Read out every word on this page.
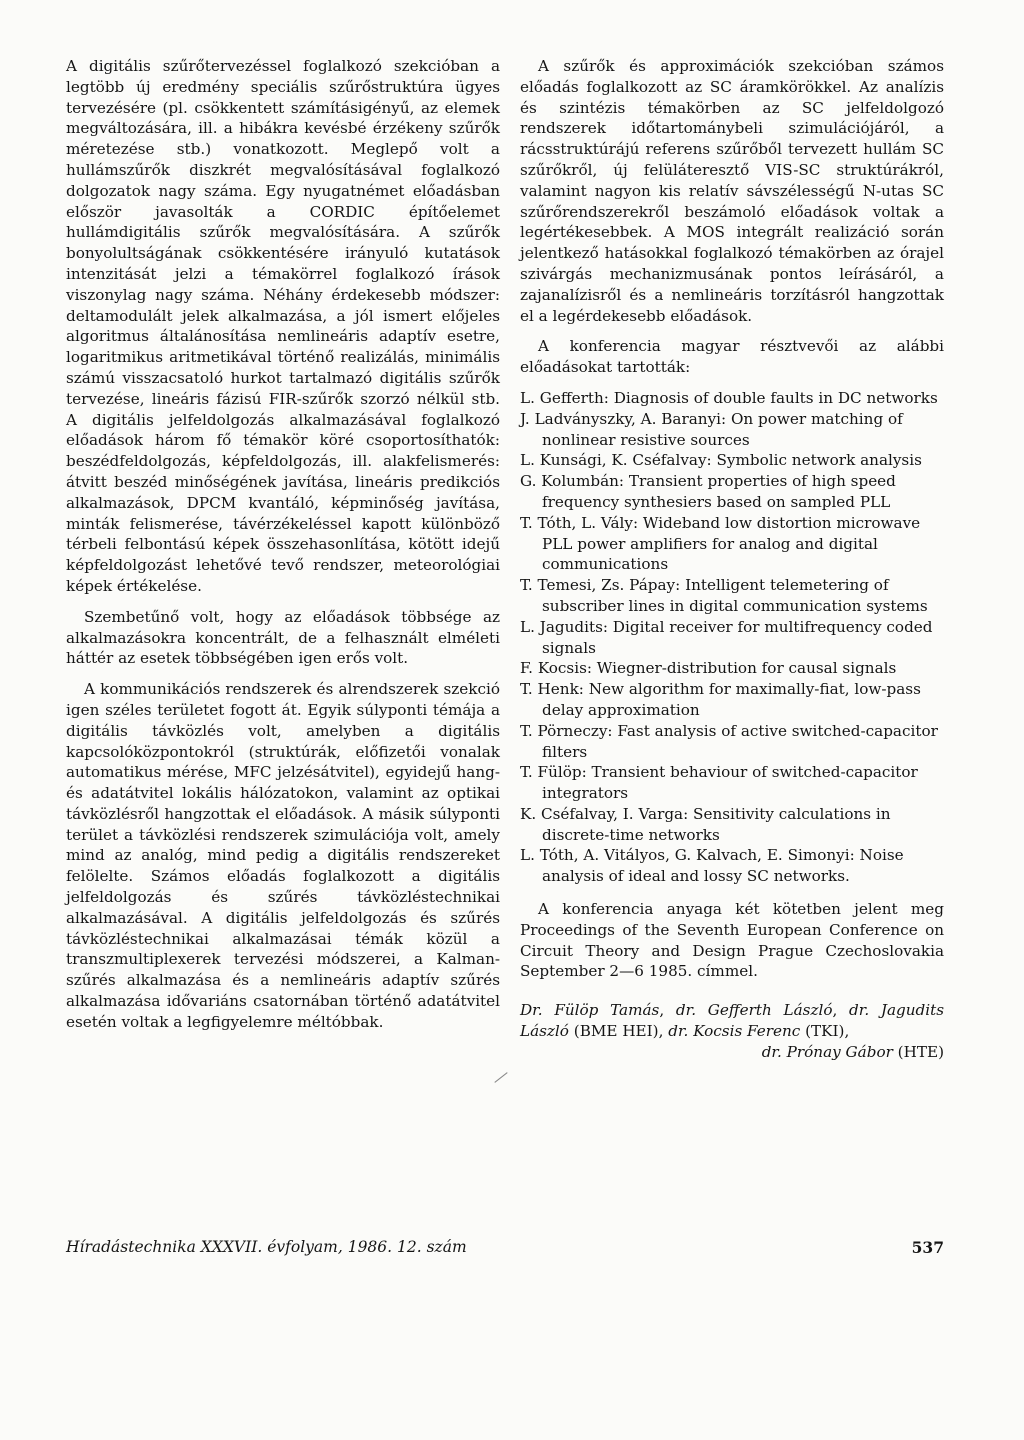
A digitális szűrőtervezéssel foglalkozó szekcióban a legtöbb új eredmény speciális szűrőstruktúra ügyes tervezésére (pl. csökkentett számításigényű, az elemek megváltozására, ill. a hibákra kevésbé érzékeny szűrők méretezése stb.) vonatkozott. Meglepő volt a hullámszűrők diszkrét megvalósításával foglalkozó dolgozatok nagy száma. Egy nyugatnémet előadásban először javasolták a CORDIC építőelemet hullámdigitális szűrők megvalósítására. A szűrők bonyolultságának csökkentésére irányuló kutatások intenzitását jelzi a témakörrel foglalkozó írások viszonylag nagy száma. Néhány érdekesebb módszer: deltamodulált jelek alkalmazása, a jól ismert előjeles algoritmus általánosítása nemlineáris adaptív esetre, logaritmikus aritmetikával történő realizálás, minimális számú visszacsatoló hurkot tartalmazó digitális szűrők tervezése, lineáris fázisú FIR-szűrők szorzó nélkül stb. A digitális jelfeldolgozás alkalmazásával foglalkozó előadások három fő témakör köré csoportosíthatók: beszédfeldolgozás, képfeldolgozás, ill. alakfelismerés: átvitt beszéd minőségének javítása, lineáris predikciós alkalmazások, DPCM kvantáló, képminőség javítása, minták felismerése, távérzékeléssel kapott különböző térbeli felbontású képek összehasonlítása, kötött idejű képfeldolgozást lehetővé tevő rendszer, meteorológiai képek értékelése.

Szembetűnő volt, hogy az előadások többsége az alkalmazásokra koncentrált, de a felhasznált elméleti háttér az esetek többségében igen erős volt.

A kommunikációs rendszerek és alrendszerek szekció igen széles területet fogott át. Egyik súlyponti témája a digitális távközlés volt, amelyben a digitális kapcsolóközpontokról (struktúrák, előfizetői vonalak automatikus mérése, MFC jelzésátvitel), egyidejű hang-és adatátvitel lokális hálózatokon, valamint az optikai távközlésről hangzottak el előadások. A másik súlyponti terület a távközlési rendszerek szimulációja volt, amely mind az analóg, mind pedig a digitális rendszereket felölelte. Számos előadás foglalkozott a digitális jelfeldolgozás és szűrés távközléstechnikai alkalmazásával. A digitális jelfeldolgozás és szűrés távközléstechnikai alkalmazásai témák közül a transzmultiplexerek tervezési módszerei, a Kalman-szűrés alkalmazása és a nemlineáris adaptív szűrés alkalmazása idővariáns csatornában történő adatátvitel esetén voltak a legfigyelemre méltóbbak.

A szűrők és approximációk szekcióban számos előadás foglalkozott az SC áramkörökkel. Az analízis és szintézis témakörben az SC jelfeldolgozó rendszerek időtartománybeli szimulációjáról, a rácsstruktúrájú referens szűrőből tervezett hullám SC szűrőkről, új felüláteresztő VIS-SC struktúrákról, valamint nagyon kis relatív sávszélességű N-utas SC szűrőrendszerekről beszámoló előadások voltak a legértékesebbek. A MOS integrált realizáció során jelentkező hatásokkal foglalkozó témakörben az órajel szivárgás mechanizmusának pontos leírásáról, a zajanalízisről és a nemlineáris torzításról hangzottak el a legérdekesebb előadások.

A konferencia magyar résztvevői az alábbi előadásokat tartották:

L. Gefferth: Diagnosis of double faults in DC networks
J. Ladványszky, A. Baranyi: On power matching of nonlinear resistive sources
L. Kunsági, K. Cséfalvay: Symbolic network analysis
G. Kolumbán: Transient properties of high speed frequency synthesiers based on sampled PLL
T. Tóth, L. Vály: Wideband low distortion microwave PLL power amplifiers for analog and digital communications
T. Temesi, Zs. Pápay: Intelligent telemetering of subscriber lines in digital communication systems
L. Jagudits: Digital receiver for multifrequency coded signals
F. Kocsis: Wiegner-distribution for causal signals
T. Henk: New algorithm for maximally-fiat, low-pass delay approximation
T. Pörneczy: Fast analysis of active switched-capacitor filters
T. Fülöp: Transient behaviour of switched-capacitor integrators
K. Cséfalvay, I. Varga: Sensitivity calculations in discrete-time networks
L. Tóth, A. Vitályos, G. Kalvach, E. Simonyi: Noise analysis of ideal and lossy SC networks.

A konferencia anyaga két kötetben jelent meg Proceedings of the Seventh European Conference on Circuit Theory and Design Prague Czechoslovakia September 2—6 1985. címmel.

Dr. Fülöp Tamás, dr. Gefferth László, dr. Jagudits László (BME HEI), dr. Kocsis Ferenc (TKI),
dr. Prónay Gábor (HTE)
Híradástechnika XXXVII. évfolyam, 1986. 12. szám	537
